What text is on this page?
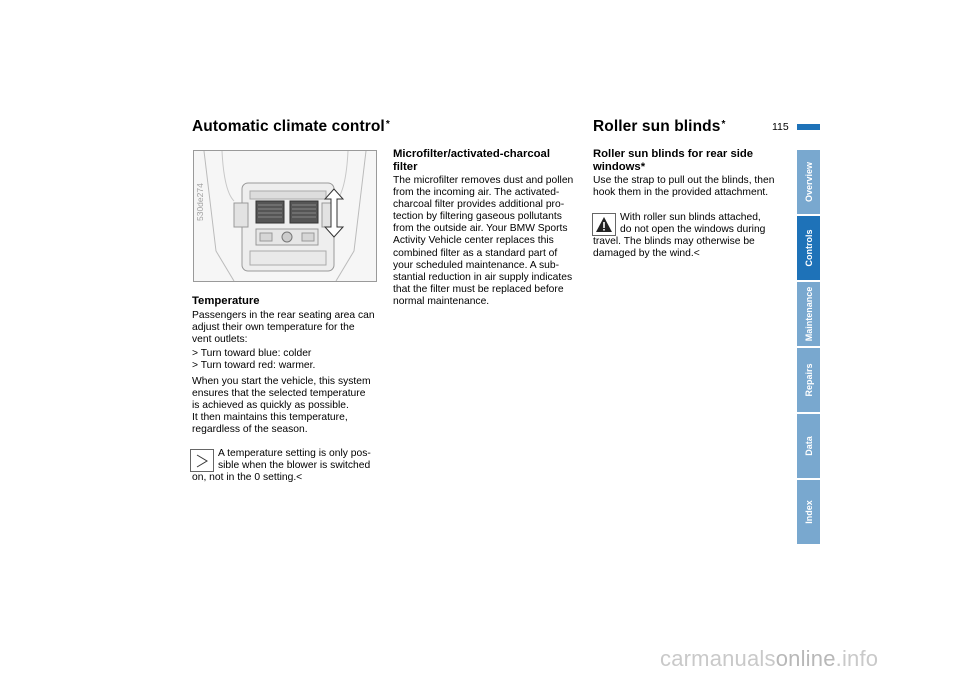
115
Automatic climate control*
530de274
Temperature
Passengers in the rear seating area can
adjust their own temperature for the
vent outlets:
> Turn toward blue: colder
> Turn toward red: warmer.
When you start the vehicle, this system
ensures that the selected temperature
is achieved as quickly as possible.
It then maintains this temperature,
regardless of the season.
A temperature setting is only pos-
sible when the blower is switched
on, not in the 0 setting.<
Microfilter/activated-charcoal
filter
The microfilter removes dust and pollen
from the incoming air. The activated-
charcoal filter provides additional pro-
tection by filtering gaseous pollutants
from the outside air. Your BMW Sports
Activity Vehicle center replaces this
combined filter as a standard part of
your scheduled maintenance. A sub-
stantial reduction in air supply indicates
that the filter must be replaced before
normal maintenance.
Roller sun blinds*
Roller sun blinds for rear side
windows*
Use the strap to pull out the blinds, then
hook them in the provided attachment.
With roller sun blinds attached,
do not open the windows during
travel. The blinds may otherwise be
damaged by the wind.<
Overview
Controls
Maintenance
Repairs
Data
Index
carmanualsonline.info
